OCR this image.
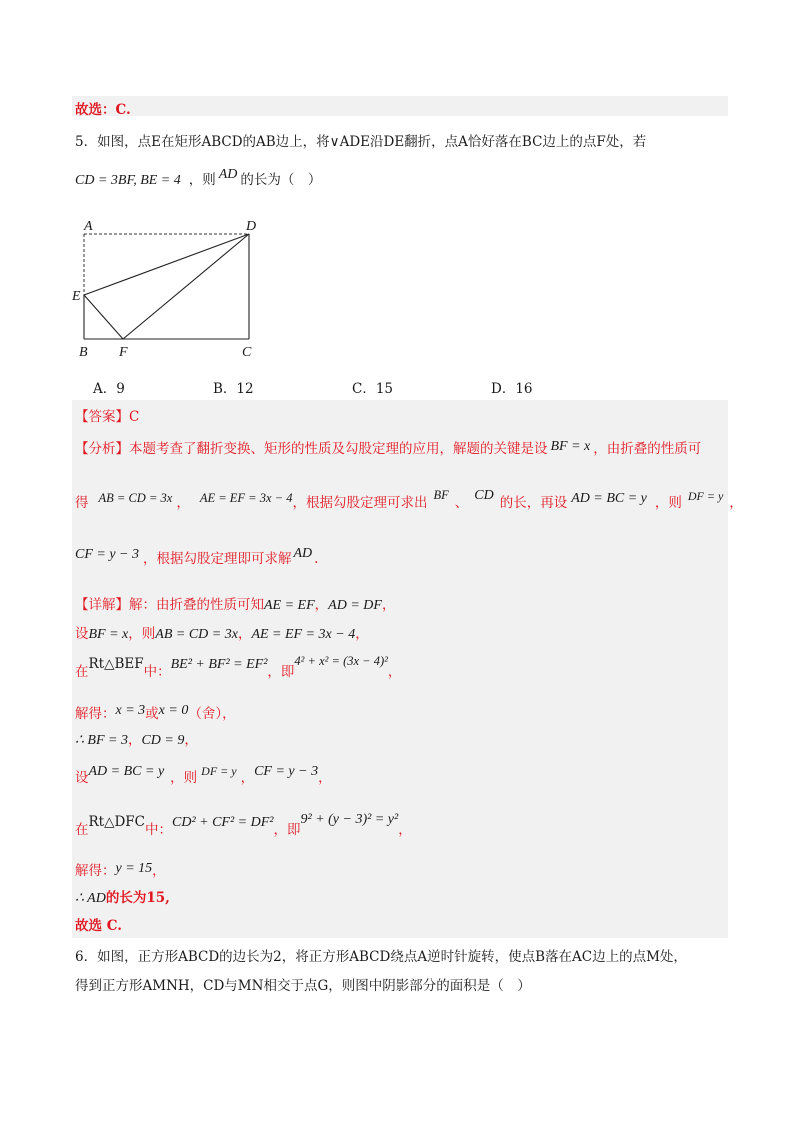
故选：C.
5．如图，点E在矩形ABCD的AB边上，将∨ADE沿DE翻折，点A恰好落在BC边上的点F处，若
CD = 3BF, BE = 4 ，则 AD 的长为（　）
A	D
E
B F	C
A．9	B．12	C．15	D．16
【答案】C
【分析】本题考查了翻折变换、矩形的性质及勾股定理的应用，解题的关键是设 BF = x ，由折叠的性质可
得 AB = CD = 3x ， AE = EF = 3x − 4，根据勾股定理可求出 BF 、 CD 的长，再设 AD = BC = y ，则 DF = y ，
CF = y − 3 ，根据勾股定理即可求解 AD .
【详解】解：由折叠的性质可知AE = EF，AD = DF，
设BF = x，则AB = CD = 3x，AE = EF = 3x − 4，
在Rt△BEF中：BE² + BF² = EF²，即4² + x² = (3x − 4)²，
解得：x = 3或x = 0（舍），
∴ BF = 3，CD = 9，
设AD = BC = y ，则 DF = y ，CF = y − 3，
在Rt△DFC中：CD² + CF² = DF²，即9² + (y − 3)² = y²，
解得：y = 15，
∴ AD的长为15,
故选 C.
6．如图，正方形ABCD的边长为2，将正方形ABCD绕点A逆时针旋转，使点B落在AC边上的点M处，
得到正方形AMNH，CD与MN相交于点G，则图中阴影部分的面积是（　）
